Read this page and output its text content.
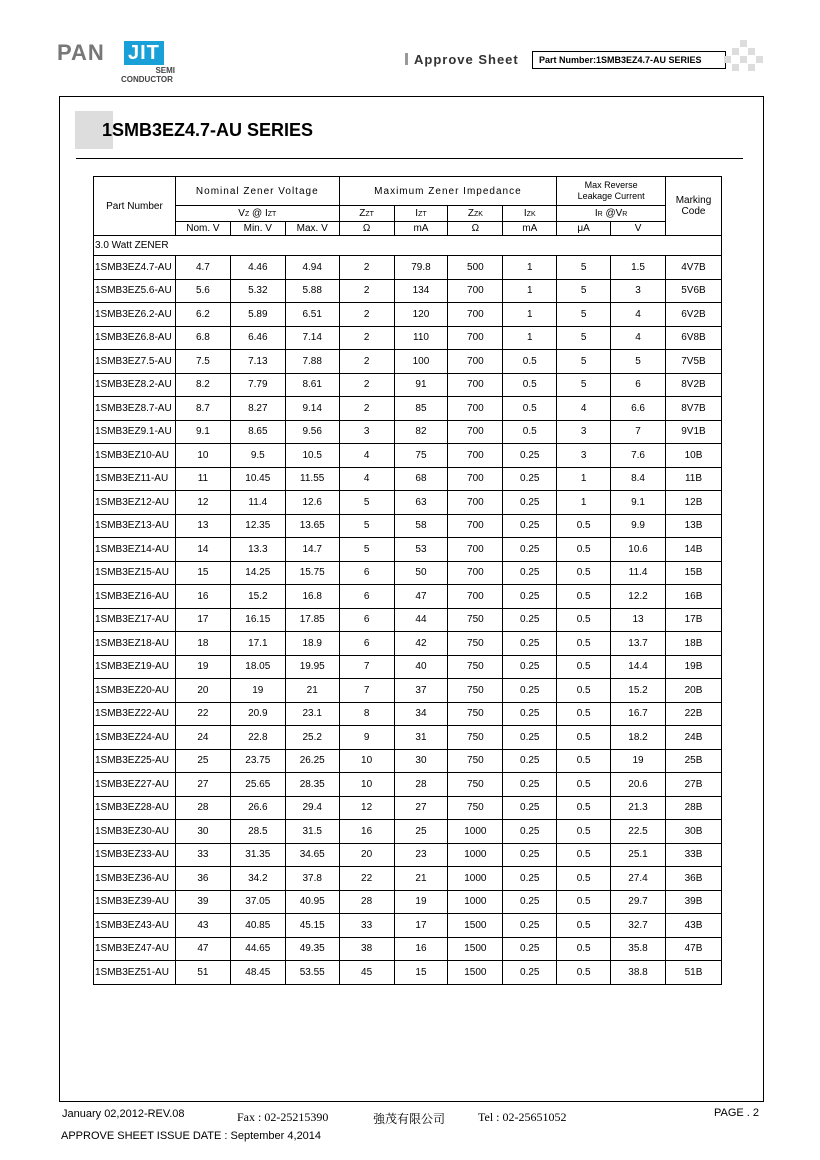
PAN JIT
SEMI
CONDUCTOR
Approve Sheet	Part Number:1SMB3EZ4.7-AU SERIES
1SMB3EZ4.7-AU SERIES
Part Number	Nominal Zener Voltage			Maximum Zener Impedance				Max Reverse
Leakage Current		Marking
Code
	VZ @ IZT			ZZT	IZT	ZZK	IZK	IR @VR		
	Nom. V	Min. V	Max. V	Ω	mA	Ω	mA	μA	V	
3.0 Watt ZENER										
1SMB3EZ4.7-AU	4.7	4.46	4.94	2	79.8	500	1	5	1.5	4V7B
1SMB3EZ5.6-AU	5.6	5.32	5.88	2	134	700	1	5	3	5V6B
1SMB3EZ6.2-AU	6.2	5.89	6.51	2	120	700	1	5	4	6V2B
1SMB3EZ6.8-AU	6.8	6.46	7.14	2	110	700	1	5	4	6V8B
1SMB3EZ7.5-AU	7.5	7.13	7.88	2	100	700	0.5	5	5	7V5B
1SMB3EZ8.2-AU	8.2	7.79	8.61	2	91	700	0.5	5	6	8V2B
1SMB3EZ8.7-AU	8.7	8.27	9.14	2	85	700	0.5	4	6.6	8V7B
1SMB3EZ9.1-AU	9.1	8.65	9.56	3	82	700	0.5	3	7	9V1B
1SMB3EZ10-AU	10	9.5	10.5	4	75	700	0.25	3	7.6	10B
1SMB3EZ11-AU	11	10.45	11.55	4	68	700	0.25	1	8.4	11B
1SMB3EZ12-AU	12	11.4	12.6	5	63	700	0.25	1	9.1	12B
1SMB3EZ13-AU	13	12.35	13.65	5	58	700	0.25	0.5	9.9	13B
1SMB3EZ14-AU	14	13.3	14.7	5	53	700	0.25	0.5	10.6	14B
1SMB3EZ15-AU	15	14.25	15.75	6	50	700	0.25	0.5	11.4	15B
1SMB3EZ16-AU	16	15.2	16.8	6	47	700	0.25	0.5	12.2	16B
1SMB3EZ17-AU	17	16.15	17.85	6	44	750	0.25	0.5	13	17B
1SMB3EZ18-AU	18	17.1	18.9	6	42	750	0.25	0.5	13.7	18B
1SMB3EZ19-AU	19	18.05	19.95	7	40	750	0.25	0.5	14.4	19B
1SMB3EZ20-AU	20	19	21	7	37	750	0.25	0.5	15.2	20B
1SMB3EZ22-AU	22	20.9	23.1	8	34	750	0.25	0.5	16.7	22B
1SMB3EZ24-AU	24	22.8	25.2	9	31	750	0.25	0.5	18.2	24B
1SMB3EZ25-AU	25	23.75	26.25	10	30	750	0.25	0.5	19	25B
1SMB3EZ27-AU	27	25.65	28.35	10	28	750	0.25	0.5	20.6	27B
1SMB3EZ28-AU	28	26.6	29.4	12	27	750	0.25	0.5	21.3	28B
1SMB3EZ30-AU	30	28.5	31.5	16	25	1000	0.25	0.5	22.5	30B
1SMB3EZ33-AU	33	31.35	34.65	20	23	1000	0.25	0.5	25.1	33B
1SMB3EZ36-AU	36	34.2	37.8	22	21	1000	0.25	0.5	27.4	36B
1SMB3EZ39-AU	39	37.05	40.95	28	19	1000	0.25	0.5	29.7	39B
1SMB3EZ43-AU	43	40.85	45.15	33	17	1500	0.25	0.5	32.7	43B
1SMB3EZ47-AU	47	44.65	49.35	38	16	1500	0.25	0.5	35.8	47B
1SMB3EZ51-AU	51	48.45	53.55	45	15	1500	0.25	0.5	38.8	51B
January 02,2012-REV.08	Fax : 02-25215390	強茂有限公司	Tel : 02-25651052	PAGE . 2
APPROVE SHEET ISSUE DATE : September 4,2014
